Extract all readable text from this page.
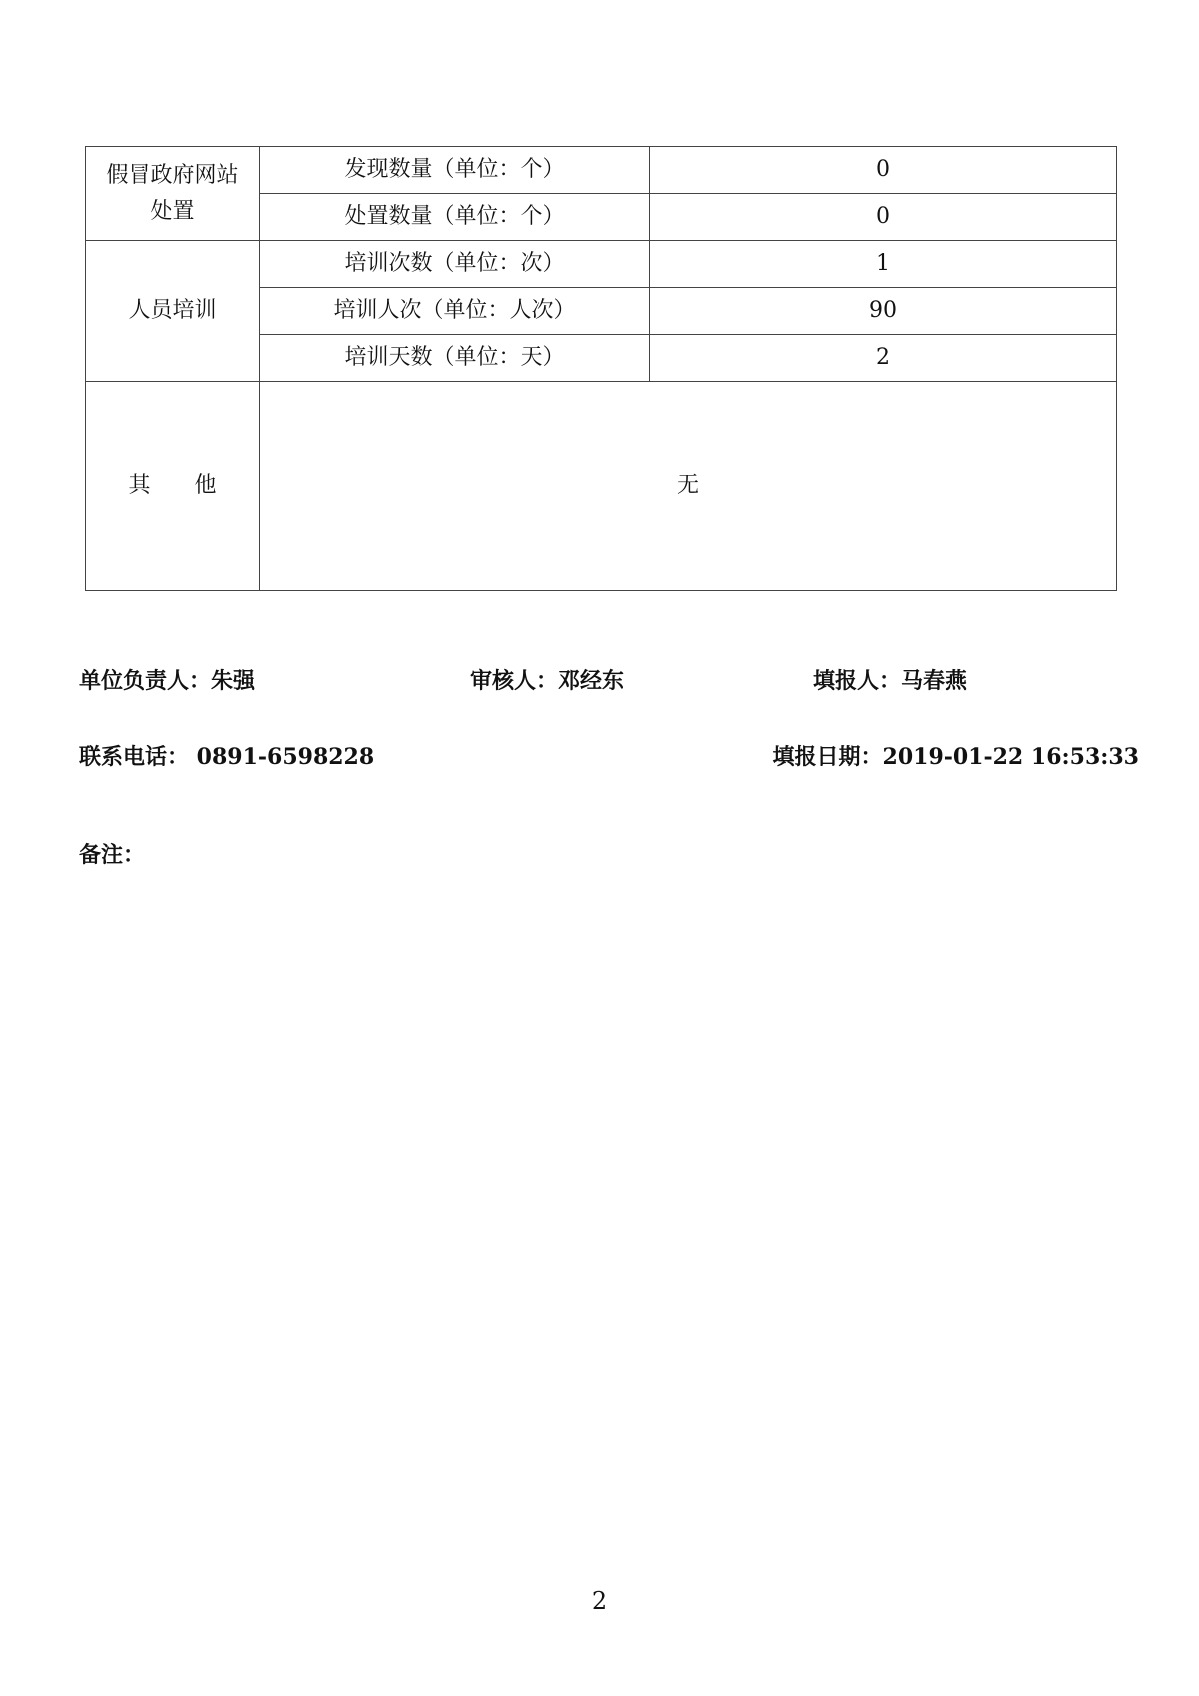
假冒政府网站
处置	发现数量（单位：个）	0
	处置数量（单位：个）	0
人员培训	培训次数（单位：次）	1
	培训人次（单位：人次）	90
	培训天数（单位：天）	2
其　　他	无	
单位负责人：朱强	审核人：邓经东	填报人：马春燕
联系电话： 0891-6598228	填报日期：2019-01-22 16:53:33
备注：
2
